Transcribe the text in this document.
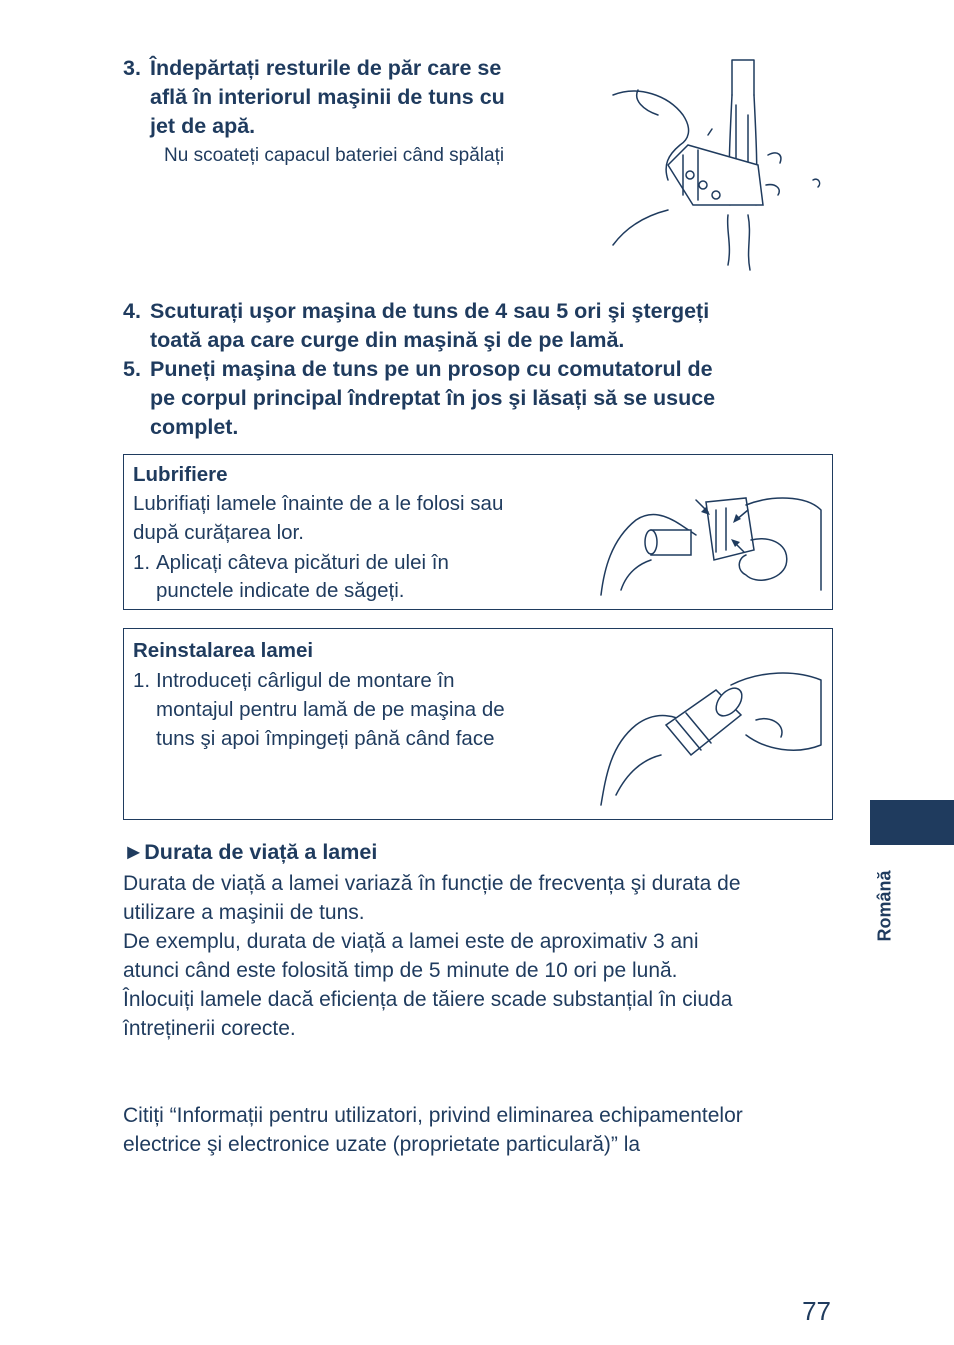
3. Îndepărtați resturile de păr care se
află în interiorul maşinii de tuns cu
jet de apă.
Nu scoateți capacul bateriei când spălați
4. Scuturați uşor maşina de tuns de 4 sau 5 ori şi ştergeți
toată apa care curge din maşină şi de pe lamă.
5. Puneți maşina de tuns pe un prosop cu comutatorul de
pe corpul principal îndreptat în jos şi lăsați să se usuce
complet.
Lubrifiere
Lubrifiați lamele înainte de a le folosi sau
după curățarea lor.
1. Aplicați câteva picături de ulei în
punctele indicate de săgeți.
Reinstalarea lamei
1. Introduceți cârligul de montare în
montajul pentru lamă de pe maşina de
tuns şi apoi împingeți până când face
►Durata de viață a lamei
Durata de viață a lamei variază în funcție de frecvența şi durata de
utilizare a maşinii de tuns.
De exemplu, durata de viață a lamei este de aproximativ 3 ani
atunci când este folosită timp de 5 minute de 10 ori pe lună.
Înlocuiți lamele dacă eficiența de tăiere scade substanțial în ciuda
întreținerii corecte.
Citiți “Informații pentru utilizatori, privind eliminarea echipamentelor
electrice şi electronice uzate (proprietate particulară)” la
Română
77
